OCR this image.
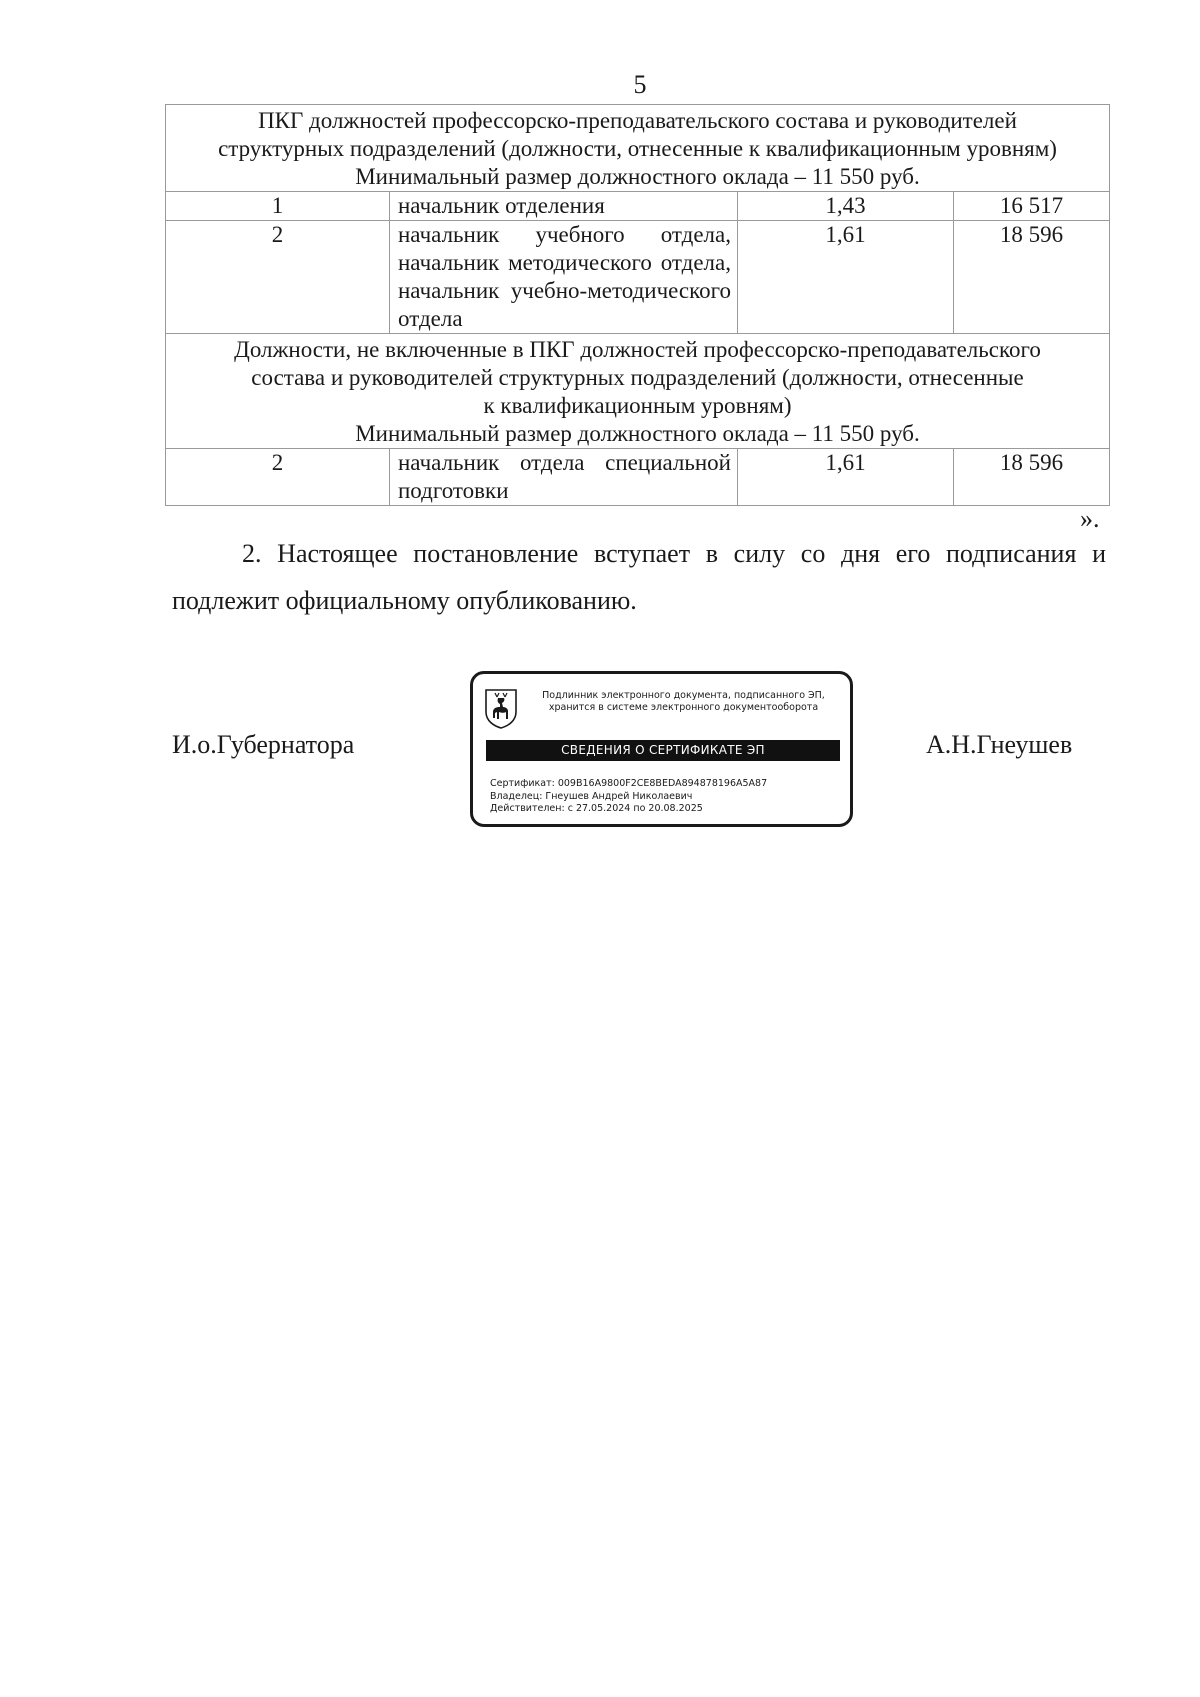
5
ПКГ должностей профессорско-преподавательского состава и руководителей
структурных подразделений (должности, отнесенные к квалификационным уровням)
Минимальный размер должностного оклада – 11 550 руб.			

1	начальник отделения	1,43	16 517
2	начальник учебного отдела, начальник методического отдела, начальник учебно-методического отдела	1,61	18 596

Должности, не включенные в ПКГ должностей профессорско-преподавательского
состава и руководителей структурных подразделений (должности, отнесенные
к квалификационным уровням)
Минимальный размер должностного оклада – 11 550 руб.			

2	начальник отдела специальной подготовки	1,61	18 596
».

2. Настоящее постановление вступает в силу со дня его подписания и подлежит официальному опубликованию.

И.о.Губернатора
Подлинник электронного документа, подписанного ЭП,
хранится в системе электронного документооборота
СВЕДЕНИЯ О СЕРТИФИКАТЕ ЭП
Сертификат: 009B16A9800F2CE8BEDA894878196A5A87
Владелец: Гнеушев Андрей Николаевич
Действителен: с 27.05.2024 по 20.08.2025
А.Н.Гнеушев
